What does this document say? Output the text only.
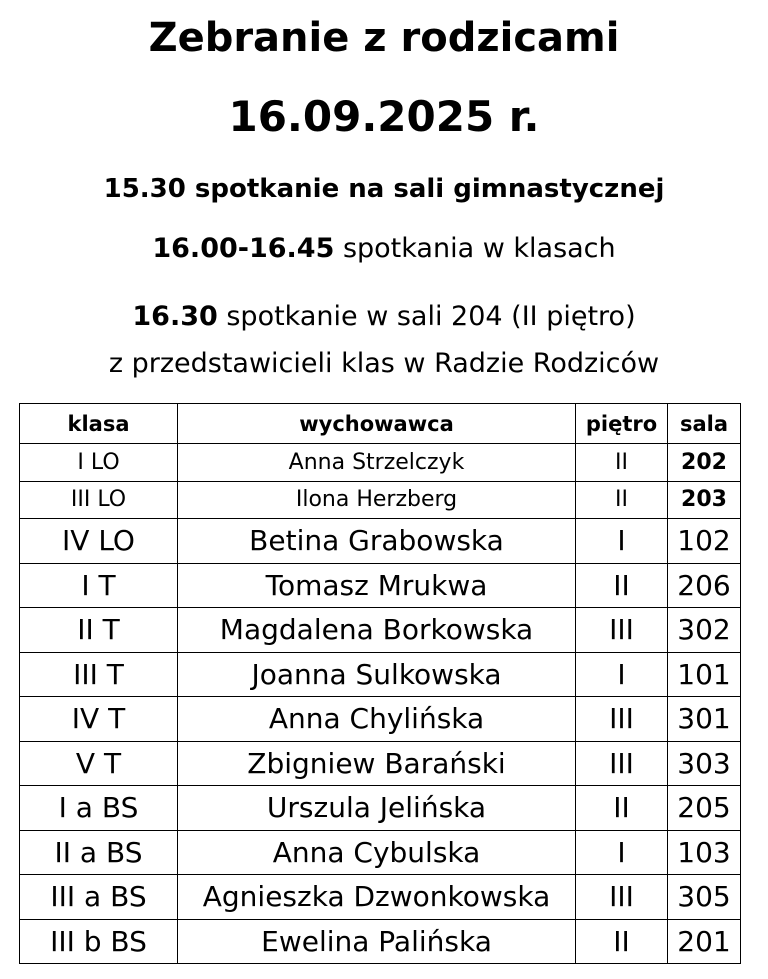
Zebranie z rodzicami
16.09.2025 r.
15.30 spotkanie na sali gimnastycznej
16.00-16.45 spotkania w klasach
16.30 spotkanie w sali 204 (II piętro)
z przedstawicieli klas w Radzie Rodziców
klasa	wychowawca	piętro	sala
I LO	Anna Strzelczyk	II	202
III LO	Ilona Herzberg	II	203
IV LO	Betina Grabowska	I	102
I T	Tomasz Mrukwa	II	206
II T	Magdalena Borkowska	III	302
III T	Joanna Sulkowska	I	101
IV T	Anna Chylińska	III	301
V T	Zbigniew Barański	III	303
I a BS	Urszula Jelińska	II	205
II a BS	Anna Cybulska	I	103
III a BS	Agnieszka Dzwonkowska	III	305
III b BS	Ewelina Palińska	II	201
